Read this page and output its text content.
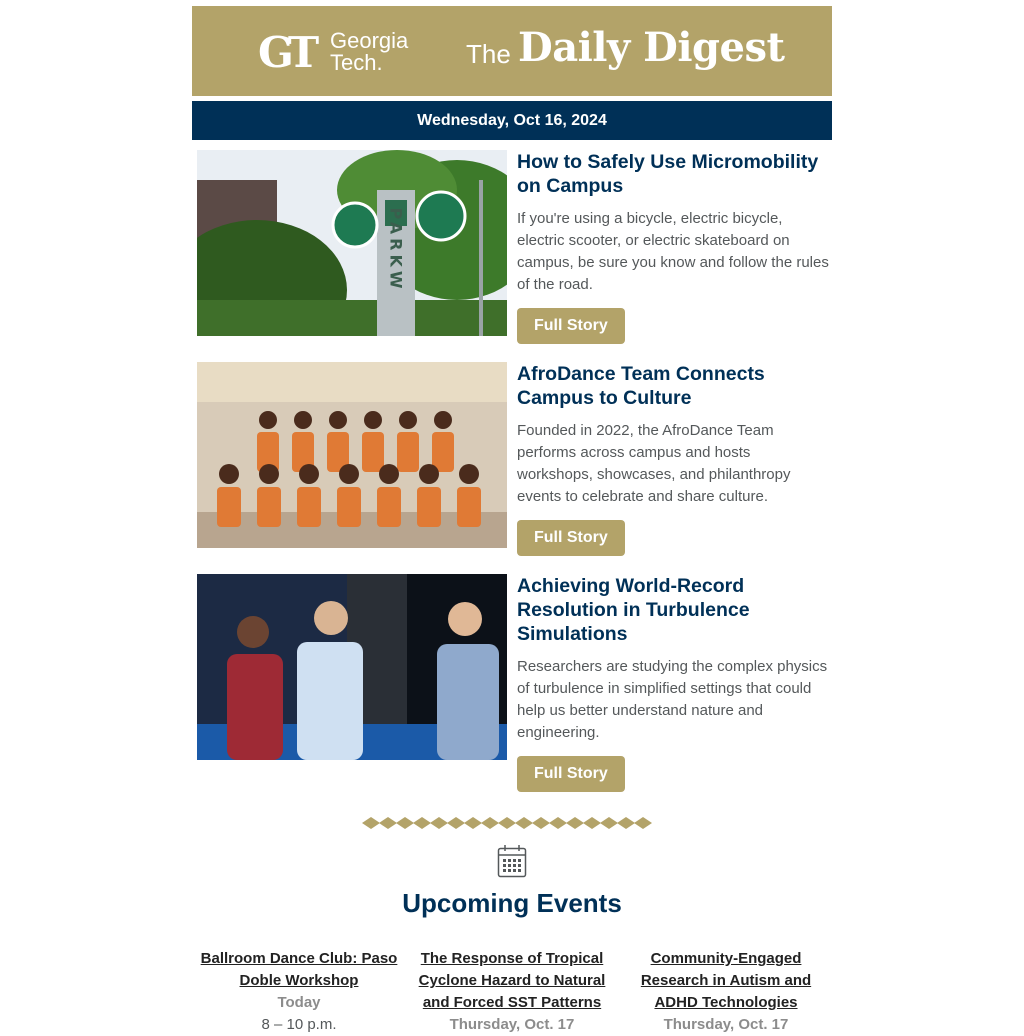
GT Georgia
Tech.	The Daily Digest
Wednesday, Oct 16, 2024
PARKW
How to Safely Use Micromobility on Campus

If you're using a bicycle, electric bicycle, electric scooter, or electric skateboard on campus, be sure you know and follow the rules of the road.

Full Story
AfroDance Team Connects Campus to Culture

Founded in 2022, the AfroDance Team performs across campus and hosts workshops, showcases, and philanthropy events to celebrate and share culture.

Full Story
Achieving World-Record Resolution in Turbulence Simulations

Researchers are studying the complex physics of turbulence in simplified settings that could help us better understand nature and engineering.

Full Story
Upcoming Events
Ballroom Dance Club: Paso Doble Workshop
Today
8 – 10 p.m.
The Response of Tropical Cyclone Hazard to Natural and Forced SST Patterns
Thursday, Oct. 17
Community-Engaged Research in Autism and ADHD Technologies
Thursday, Oct. 17
